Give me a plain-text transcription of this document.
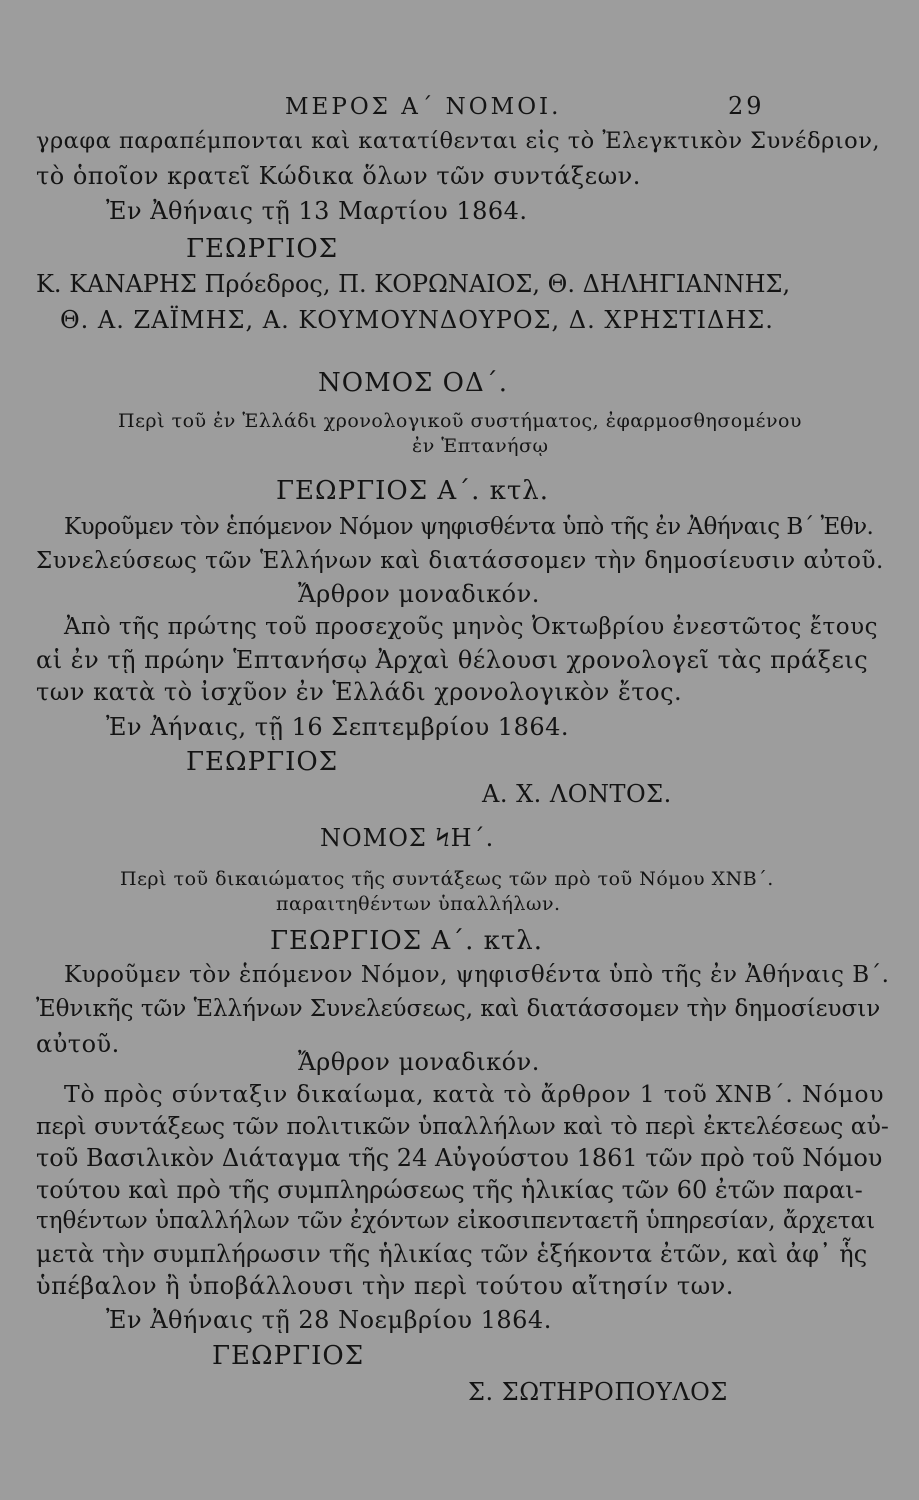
ΜΕΡΟΣ Α΄ ΝΟΜΟΙ.	29
γραφα παραπέμπονται καὶ κατατίθενται εἰς τὸ Ἐλεγκτικὸν Συνέδριον,
τὸ ὁποῖον κρατεῖ Κώδικα ὅλων τῶν συντάξεων.
Ἐν Ἀθήναις τῇ 13 Μαρτίου 1864.
ΓΕΩΡΓΙΟΣ
Κ. ΚΑΝΑΡΗΣ Πρόεδρος, Π. ΚΟΡΩΝΑΙΟΣ, Θ. ΔΗΛΗΓΙΑΝΝΗΣ,
Θ. Α. ΖΑΪΜΗΣ, Α. ΚΟΥΜΟΥΝΔΟΥΡΟΣ, Δ. ΧΡΗΣΤΙΔΗΣ.
ΝΟΜΟΣ ΟΔ΄.
Περὶ τοῦ ἐν Ἑλλάδι χρονολογικοῦ συστήματος, ἐφαρμοσθησομένου
ἐν Ἑπτανήσῳ
ΓΕΩΡΓΙΟΣ Α΄. κτλ.
Κυροῦμεν τὸν ἑπόμενον Νόμον ψηφισθέντα ὑπὸ τῆς ἐν Ἀθήναις Β΄ Ἐθν.
Συνελεύσεως τῶν Ἑλλήνων καὶ διατάσσομεν τὴν δημοσίευσιν αὐτοῦ.
Ἄρθρον μοναδικόν.
Ἀπὸ τῆς πρώτης τοῦ προσεχοῦς μηνὸς Ὀκτωβρίου ἐνεστῶτος ἔτους
αἱ ἐν τῇ πρώην Ἑπτανήσῳ Ἀρχαὶ θέλουσι χρονολογεῖ τὰς πράξεις
των κατὰ τὸ ἰσχῦον ἐν Ἑλλάδι χρονολογικὸν ἔτος.
Ἐν Ἀήναις, τῇ 16 Σεπτεμβρίου 1864.
ΓΕΩΡΓΙΟΣ
Α. Χ. ΛΟΝΤΟΣ.
ΝΟΜΟΣ ϞΗ΄.
Περὶ τοῦ δικαιώματος τῆς συντάξεως τῶν πρὸ τοῦ Νόμου ΧΝΒ΄.
παραιτηθέντων ὑπαλλήλων.
ΓΕΩΡΓΙΟΣ Α΄. κτλ.
Κυροῦμεν τὸν ἑπόμενον Νόμον, ψηφισθέντα ὑπὸ τῆς ἐν Ἀθήναις Β΄.
Ἐθνικῆς τῶν Ἑλλήνων Συνελεύσεως, καὶ διατάσσομεν τὴν δημοσίευσιν
αὐτοῦ.
Ἄρθρον μοναδικόν.
Τὸ πρὸς σύνταξιν δικαίωμα, κατὰ τὸ ἄρθρον 1 τοῦ ΧΝΒ΄. Νόμου
περὶ συντάξεως τῶν πολιτικῶν ὑπαλλήλων καὶ τὸ περὶ ἐκτελέσεως αὐ-
τοῦ Βασιλικὸν Διάταγμα τῆς 24 Αὐγούστου 1861 τῶν πρὸ τοῦ Νόμου
τούτου καὶ πρὸ τῆς συμπληρώσεως τῆς ἡλικίας τῶν 60 ἐτῶν παραι-
τηθέντων ὑπαλλήλων τῶν ἐχόντων εἰκοσιπενταετῆ ὑπηρεσίαν, ἄρχεται
μετὰ τὴν συμπλήρωσιν τῆς ἡλικίας τῶν ἑξήκοντα ἐτῶν, καὶ ἀφ᾽ ἧς
ὑπέβαλον ἢ ὑποβάλλουσι τὴν περὶ τούτου αἴτησίν των.
Ἐν Ἀθήναις τῇ 28 Νοεμβρίου 1864.
ΓΕΩΡΓΙΟΣ
Σ. ΣΩΤΗΡΟΠΟΥΛΟΣ
